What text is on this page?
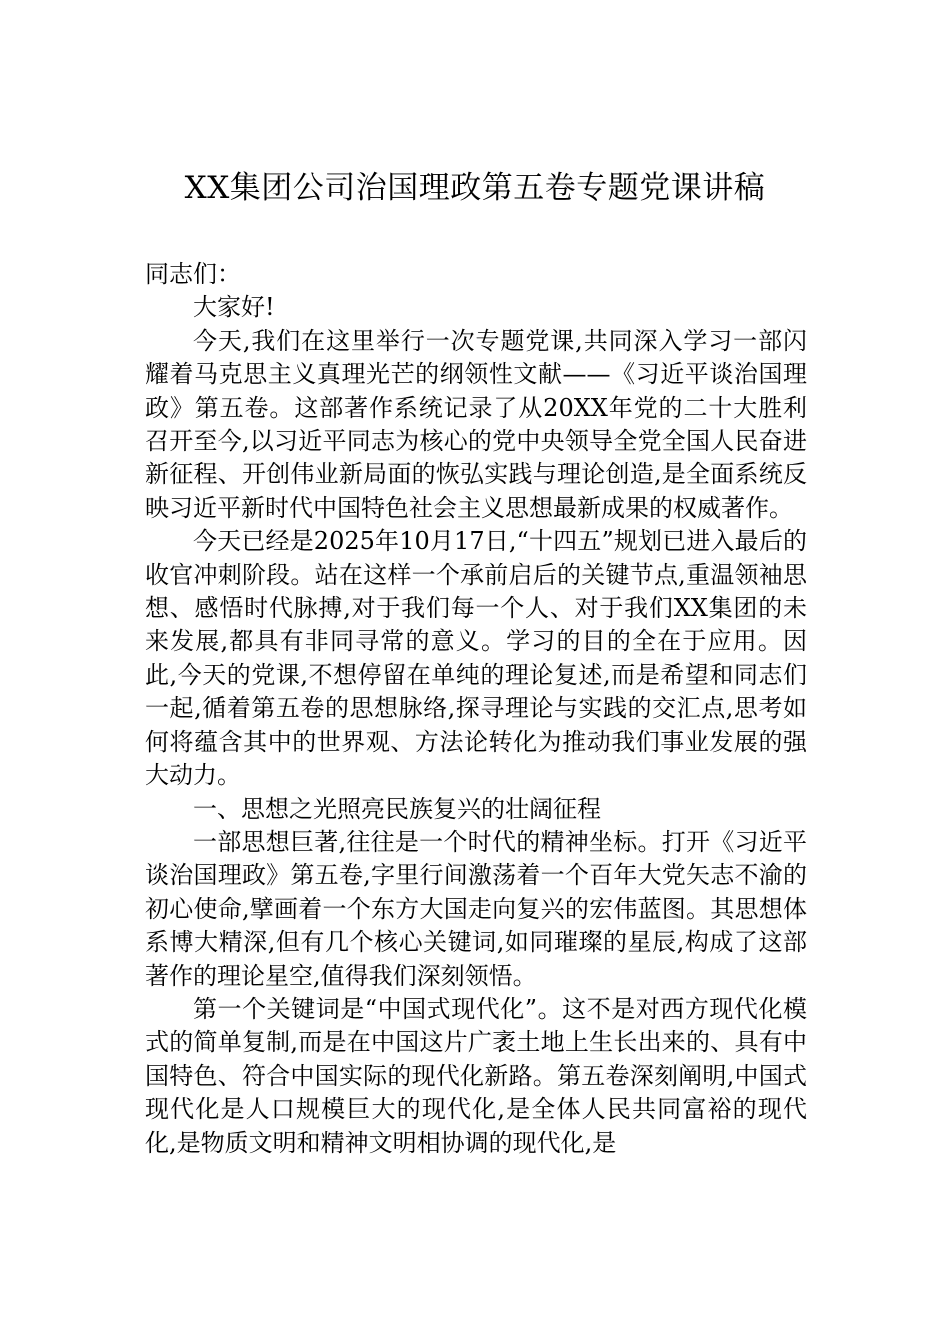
XX集团公司治国理政第五卷专题党课讲稿

同志们：

大家好!

今天,我们在这里举行一次专题党课,共同深入学习一部闪耀着马克思主义真理光芒的纲领性文献——《习近平谈治国理政》第五卷。这部著作系统记录了从20XX年党的二十大胜利召开至今,以习近平同志为核心的党中央领导全党全国人民奋进新征程、开创伟业新局面的恢弘实践与理论创造,是全面系统反映习近平新时代中国特色社会主义思想最新成果的权威著作。

今天已经是2025年10月17日,“十四五”规划已进入最后的收官冲刺阶段。站在这样一个承前启后的关键节点,重温领袖思想、感悟时代脉搏,对于我们每一个人、对于我们XX集团的未来发展,都具有非同寻常的意义。学习的目的全在于应用。因此,今天的党课,不想停留在单纯的理论复述,而是希望和同志们一起,循着第五卷的思想脉络,探寻理论与实践的交汇点,思考如何将蕴含其中的世界观、方法论转化为推动我们事业发展的强大动力。

一、思想之光照亮民族复兴的壮阔征程

一部思想巨著,往往是一个时代的精神坐标。打开《习近平谈治国理政》第五卷,字里行间激荡着一个百年大党矢志不渝的初心使命,擘画着一个东方大国走向复兴的宏伟蓝图。其思想体系博大精深,但有几个核心关键词,如同璀璨的星辰,构成了这部著作的理论星空,值得我们深刻领悟。

第一个关键词是“中国式现代化”。这不是对西方现代化模式的简单复制,而是在中国这片广袤土地上生长出来的、具有中国特色、符合中国实际的现代化新路。第五卷深刻阐明,中国式现代化是人口规模巨大的现代化,是全体人民共同富裕的现代化,是物质文明和精神文明相协调的现代化,是
